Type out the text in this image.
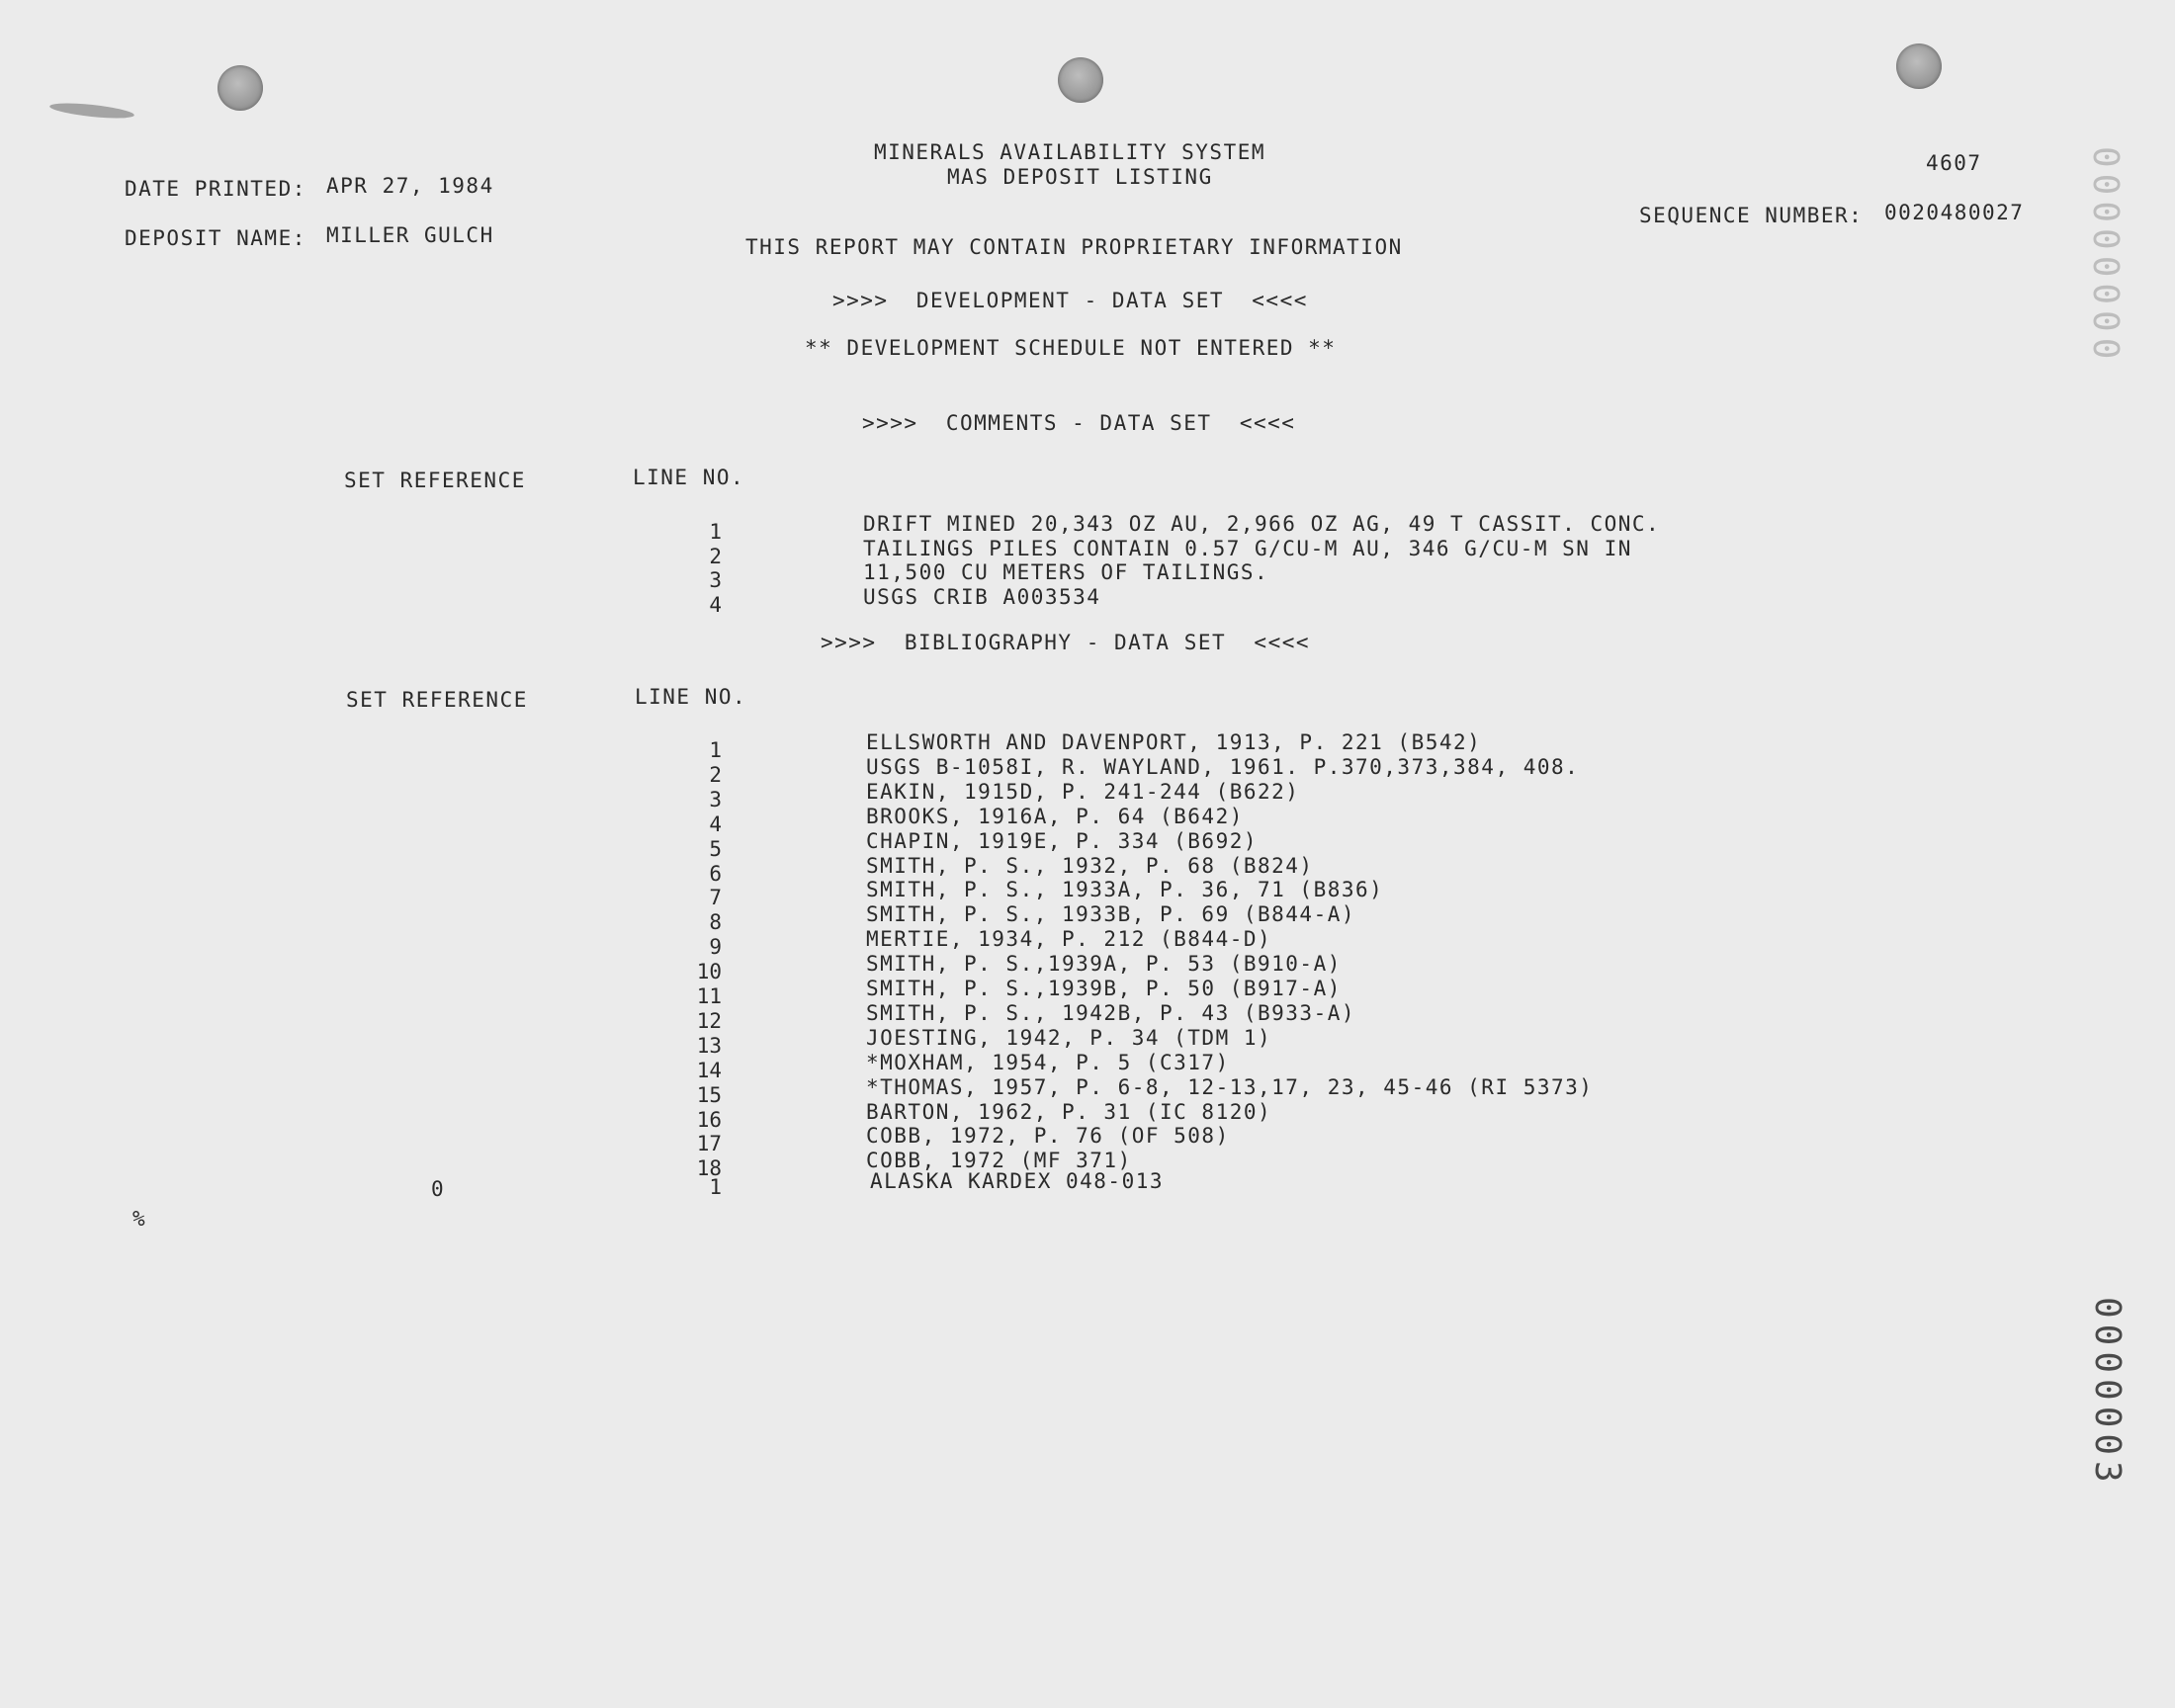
DATE PRINTED: APR 27, 1984
DEPOSIT NAME: MILLER GULCH
MINERALS AVAILABILITY SYSTEM
MAS DEPOSIT LISTING
4607
SEQUENCE NUMBER: 0020480027
THIS REPORT MAY CONTAIN PROPRIETARY INFORMATION
>>>>  DEVELOPMENT - DATA SET  <<<<
** DEVELOPMENT SCHEDULE NOT ENTERED **
>>>>  COMMENTS - DATA SET  <<<<
SET REFERENCE	LINE NO.
1	DRIFT MINED 20,343 OZ AU, 2,966 OZ AG, 49 T CASSIT. CONC.
2	TAILINGS PILES CONTAIN 0.57 G/CU-M AU, 346 G/CU-M SN IN
3	11,500 CU METERS OF TAILINGS.
4	USGS CRIB A003534
>>>>  BIBLIOGRAPHY - DATA SET  <<<<
SET REFERENCE	LINE NO.
1	ELLSWORTH AND DAVENPORT, 1913, P. 221 (B542)
2	USGS B-1058I, R. WAYLAND, 1961. P.370,373,384, 408.
3	EAKIN, 1915D, P. 241-244 (B622)
4	BROOKS, 1916A, P. 64 (B642)
5	CHAPIN, 1919E, P. 334 (B692)
6	SMITH, P. S., 1932, P. 68 (B824)
7	SMITH, P. S., 1933A, P. 36, 71 (B836)
8	SMITH, P. S., 1933B, P. 69 (B844-A)
9	MERTIE, 1934, P. 212 (B844-D)
10	SMITH, P. S.,1939A, P. 53 (B910-A)
11	SMITH, P. S.,1939B, P. 50 (B917-A)
12	SMITH, P. S., 1942B, P. 43 (B933-A)
13	JOESTING, 1942, P. 34 (TDM 1)
14	*MOXHAM, 1954, P. 5 (C317)
15	*THOMAS, 1957, P. 6-8, 12-13,17, 23, 45-46 (RI 5373)
16	BARTON, 1962, P. 31 (IC 8120)
17	COBB, 1972, P. 76 (OF 508)
18	COBB, 1972 (MF 371)
0	1	ALASKA KARDEX 048-013
%
00000000
0000003
